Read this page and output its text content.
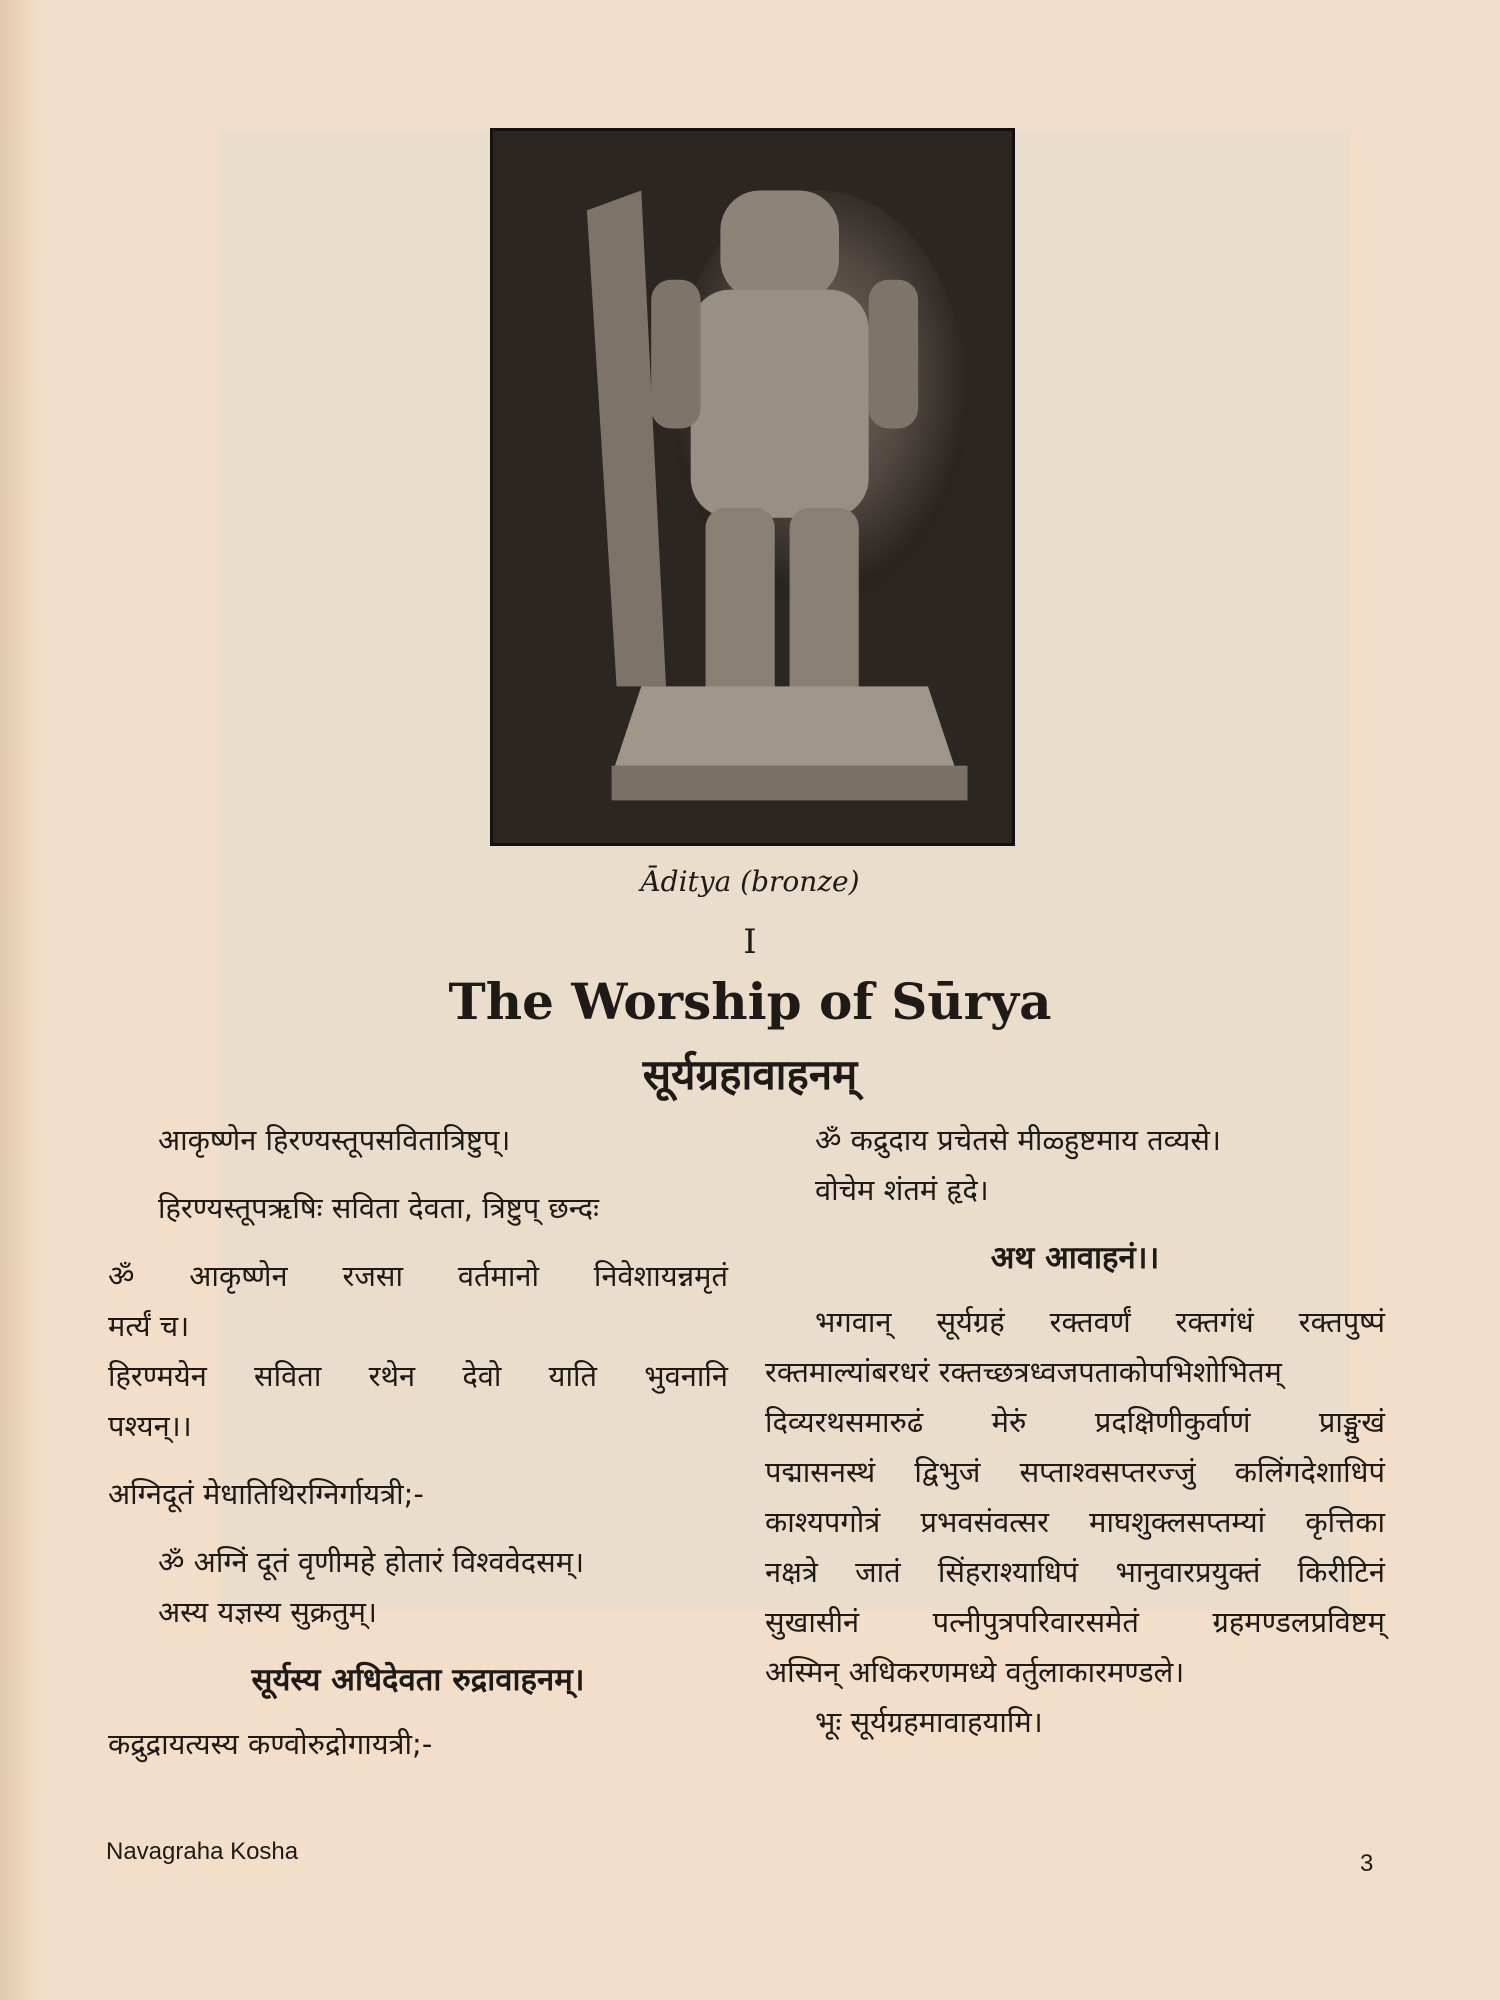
Āditya (bronze)
I
The Worship of Sūrya
सूर्यग्रहावाहनम्
आकृष्णेन हिरण्यस्तूपसवितात्रिष्टुप्।
हिरण्यस्तूपऋषिः सविता देवता, त्रिष्टुप् छन्दः
ॐ आकृष्णेन रजसा वर्तमानो निवेशायन्नमृतं
मर्त्यं च।
हिरण्मयेन सविता रथेन देवो याति भुवनानि
पश्यन्।।
अग्निदूतं मेधातिथिरग्निर्गायत्री;-
ॐ अग्निं दूतं वृणीमहे होतारं विश्ववेदसम्।
अस्य यज्ञस्य सुक्रतुम्।
सूर्यस्य अधिदेवता रुद्रावाहनम्।
कद्रुद्रायत्यस्य कण्वोरुद्रोगायत्री;-
ॐ कद्रुदाय प्रचेतसे मीळ्हुष्टमाय तव्यसे।
वोचेम शंतमं हृदे।
अथ आवाहनं।।
भगवान् सूर्यग्रहं रक्तवर्णं रक्तगंधं रक्तपुष्पं
रक्तमाल्यांबरधरं रक्तच्छत्रध्वजपताकोपभिशोभितम्
दिव्यरथसमारुढं मेरुं प्रदक्षिणीकुर्वाणं प्राङ्मुखं
पद्मासनस्थं द्विभुजं सप्ताश्वसप्तरज्जुं कलिंगदेशाधिपं
काश्यपगोत्रं प्रभवसंवत्सर माघशुक्लसप्तम्यां कृत्तिका
नक्षत्रे जातं सिंहराश्याधिपं भानुवारप्रयुक्तं किरीटिनं
सुखासीनं पत्नीपुत्रपरिवारसमेतं ग्रहमण्डलप्रविष्टम्
अस्मिन् अधिकरणमध्ये वर्तुलाकारमण्डले।
भूः सूर्यग्रहमावाहयामि।
Navagraha Kosha	3
